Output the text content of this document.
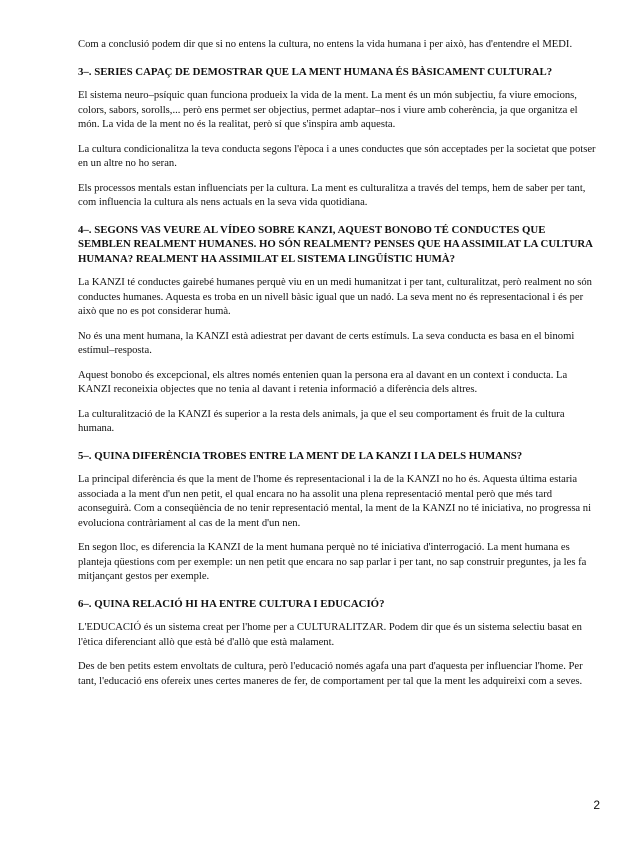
Com a conclusió podem dir que si no entens la cultura, no entens la vida humana i per això, has d'entendre el MEDI.

3–. SERIES CAPAÇ DE DEMOSTRAR QUE LA MENT HUMANA ÉS BÀSICAMENT CULTURAL?

El sistema neuro–psíquic quan funciona produeix la vida de la ment. La ment és un món subjectiu, fa viure emocions, colors, sabors, sorolls,... però ens permet ser objectius, permet adaptar–nos i viure amb coherència, ja que organitza el món. La vida de la ment no és la realitat, però sí que s'inspira amb aquesta.

La cultura condicionalitza la teva conducta segons l'època i a unes conductes que són acceptades per la societat que potser en un altre no ho seran.

Els processos mentals estan influenciats per la cultura. La ment es culturalitza a través del temps, hem de saber per tant, com influencia la cultura als nens actuals en la seva vida quotidiana.

4–. SEGONS VAS VEURE AL VÍDEO SOBRE KANZI, AQUEST BONOBO TÉ CONDUCTES QUE SEMBLEN REALMENT HUMANES. HO SÓN REALMENT? PENSES QUE HA ASSIMILAT LA CULTURA HUMANA? REALMENT HA ASSIMILAT EL SISTEMA LINGÜÍSTIC HUMÀ?

La KANZI té conductes gairebé humanes perquè viu en un medi humanitzat i per tant, culturalitzat, però realment no són conductes humanes. Aquesta es troba en un nivell bàsic igual que un nadó. La seva ment no és representacional i és per això que no es pot considerar humà.

No és una ment humana, la KANZI està adiestrat per davant de certs estímuls. La seva conducta es basa en el binomi estímul–resposta.

Aquest bonobo és excepcional, els altres només entenien quan la persona era al davant en un context i conducta. La KANZI reconeixia objectes que no tenia al davant i retenia informació a diferència dels altres.

La culturalització de la KANZI és superior a la resta dels animals, ja que el seu comportament és fruit de la cultura humana.

5–. QUINA DIFERÈNCIA TROBES ENTRE LA MENT DE LA KANZI I LA DELS HUMANS?

La principal diferència és que la ment de l'home és representacional i la de la KANZI no ho és. Aquesta última estaria associada a la ment d'un nen petit, el qual encara no ha assolit una plena representació mental però que més tard aconseguirà. Com a conseqüència de no tenir representació mental, la ment de la KANZI no té iniciativa, no progressa ni evoluciona contràriament al cas de la ment d'un nen.

En segon lloc, es diferencia la KANZI de la ment humana perquè no té iniciativa d'interrogació. La ment humana es planteja qüestions com per exemple: un nen petit que encara no sap parlar i per tant, no sap construir preguntes, ja les fa mitjançant gestos per exemple.

6–. QUINA RELACIÓ HI HA ENTRE CULTURA I EDUCACIÓ?

L'EDUCACIÓ és un sistema creat per l'home per a CULTURALITZAR. Podem dir que és un sistema selectiu basat en l'ètica diferenciant allò que està bé d'allò que està malament.

Des de ben petits estem envoltats de cultura, però l'educació només agafa una part d'aquesta per influenciar l'home. Per tant, l'educació ens ofereix unes certes maneres de fer, de comportament per tal que la ment les adquireixi com a seves.

2
